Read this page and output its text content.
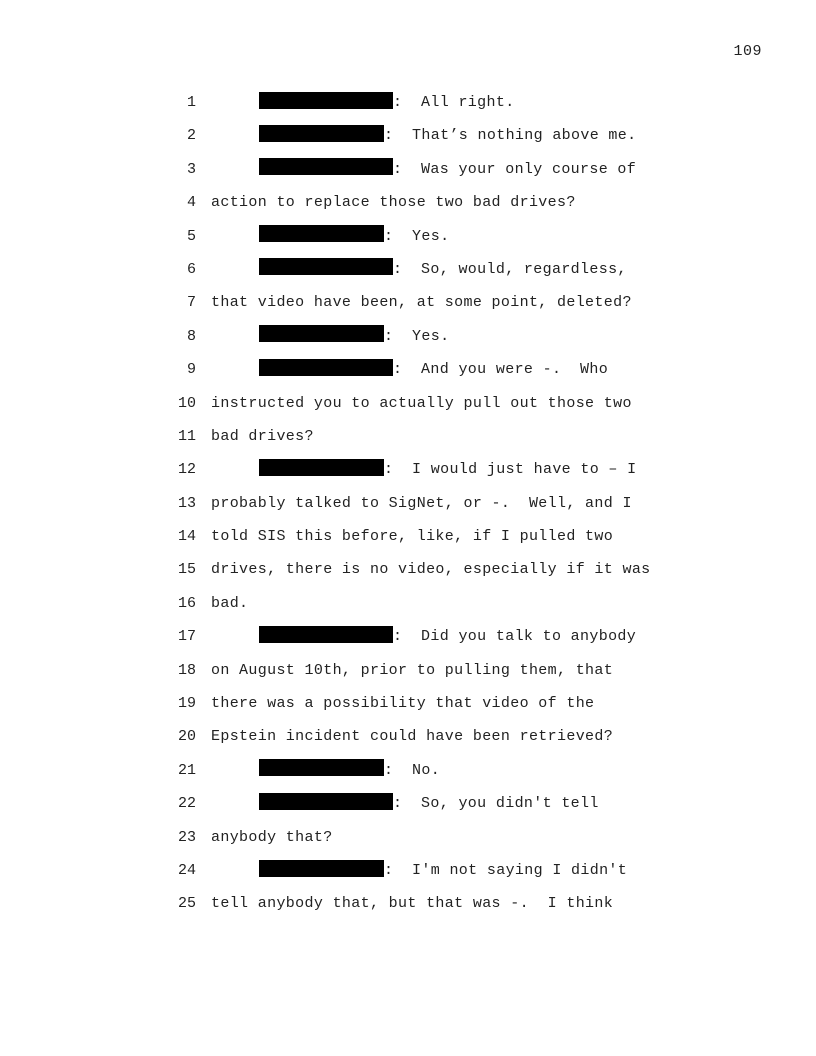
109
1	:  All right.
2	:  That’s nothing above me.
3	:  Was your only course of
4 action to replace those two bad drives?
5	:  Yes.
6	:  So, would, regardless,
7 that video have been, at some point, deleted?
8	:  Yes.
9	:  And you were -.  Who
10 instructed you to actually pull out those two
11 bad drives?
12	:  I would just have to – I
13 probably talked to SigNet, or -.  Well, and I
14 told SIS this before, like, if I pulled two
15 drives, there is no video, especially if it was
16 bad.
17	:  Did you talk to anybody
18 on August 10th, prior to pulling them, that
19 there was a possibility that video of the
20 Epstein incident could have been retrieved?
21	:  No.
22	:  So, you didn't tell
23 anybody that?
24	:  I'm not saying I didn't
25 tell anybody that, but that was -.  I think
